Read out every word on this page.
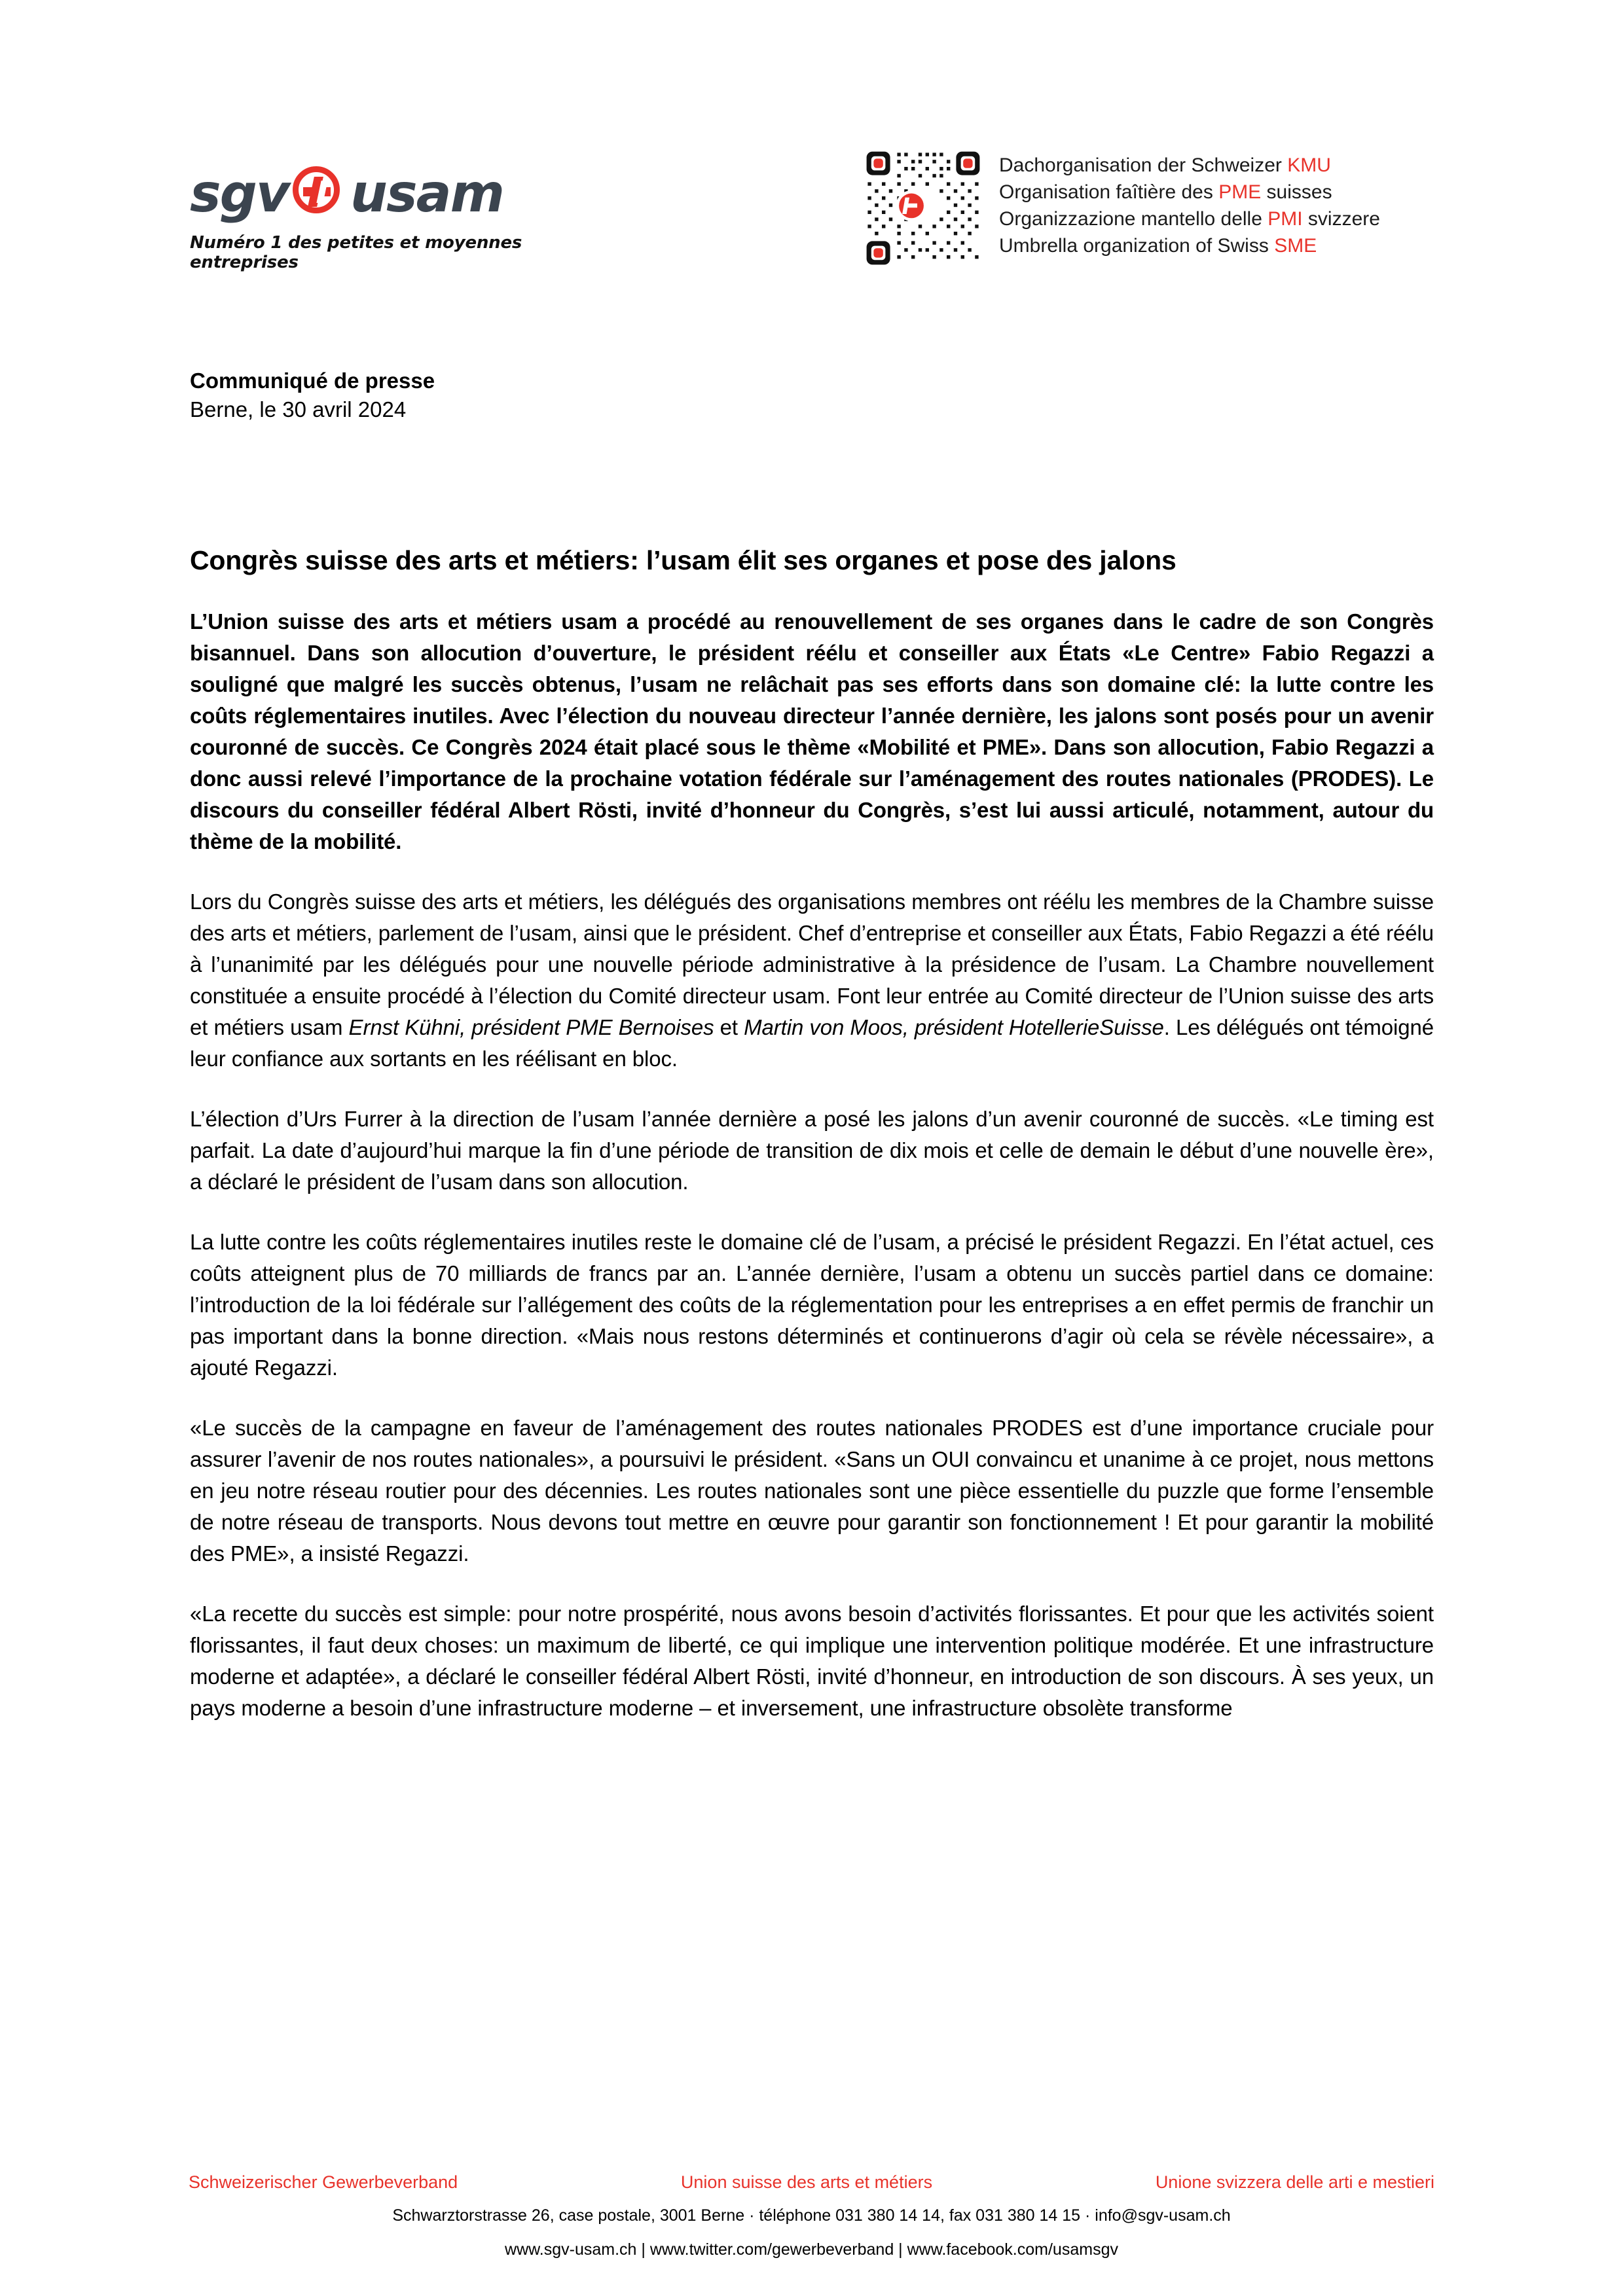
sgv usam
Numéro 1 des petites et moyennes entreprises
Dachorganisation der Schweizer KMU
Organisation faîtière des PME suisses
Organizzazione mantello delle PMI svizzere
Umbrella organization of Swiss SME
Communiqué de presse
Berne, le 30 avril 2024
Congrès suisse des arts et métiers: l’usam élit ses organes et pose des jalons

L’Union suisse des arts et métiers usam a procédé au renouvellement de ses organes dans le cadre de son Congrès bisannuel. Dans son allocution d’ouverture, le président réélu et conseiller aux États «Le Centre» Fabio Regazzi a souligné que malgré les succès obtenus, l’usam ne relâchait pas ses efforts dans son domaine clé: la lutte contre les coûts réglementaires inutiles. Avec l’élection du nouveau directeur l’année dernière, les jalons sont posés pour un avenir couronné de succès. Ce Congrès 2024 était placé sous le thème «Mobilité et PME». Dans son allocution, Fabio Regazzi a donc aussi relevé l’importance de la prochaine votation fédérale sur l’aménagement des routes nationales (PRODES). Le discours du conseiller fédéral Albert Rösti, invité d’honneur du Congrès, s’est lui aussi articulé, notamment, autour du thème de la mobilité.

Lors du Congrès suisse des arts et métiers, les délégués des organisations membres ont réélu les membres de la Chambre suisse des arts et métiers, parlement de l’usam, ainsi que le président. Chef d’entreprise et conseiller aux États, Fabio Regazzi a été réélu à l’unanimité par les délégués pour une nouvelle période administrative à la présidence de l’usam. La Chambre nouvellement constituée a ensuite procédé à l’élection du Comité directeur usam. Font leur entrée au Comité directeur de l’Union suisse des arts et métiers usam Ernst Kühni, président PME Bernoises et Martin von Moos, président HotellerieSuisse. Les délégués ont témoigné leur confiance aux sortants en les réélisant en bloc.

L’élection d’Urs Furrer à la direction de l’usam l’année dernière a posé les jalons d’un avenir couronné de succès. «Le timing est parfait. La date d’aujourd’hui marque la fin d’une période de transition de dix mois et celle de demain le début d’une nouvelle ère», a déclaré le président de l’usam dans son allocution.

La lutte contre les coûts réglementaires inutiles reste le domaine clé de l’usam, a précisé le président Regazzi. En l’état actuel, ces coûts atteignent plus de 70 milliards de francs par an. L’année dernière, l’usam a obtenu un succès partiel dans ce domaine: l’introduction de la loi fédérale sur l’allégement des coûts de la réglementation pour les entreprises a en effet permis de franchir un pas important dans la bonne direction. «Mais nous restons déterminés et continuerons d’agir où cela se révèle nécessaire», a ajouté Regazzi.

«Le succès de la campagne en faveur de l’aménagement des routes nationales PRODES est d’une importance cruciale pour assurer l’avenir de nos routes nationales», a poursuivi le président. «Sans un OUI convaincu et unanime à ce projet, nous mettons en jeu notre réseau routier pour des décennies. Les routes nationales sont une pièce essentielle du puzzle que forme l’ensemble de notre réseau de transports. Nous devons tout mettre en œuvre pour garantir son fonctionnement ! Et pour garantir la mobilité des PME», a insisté Regazzi.

«La recette du succès est simple: pour notre prospérité, nous avons besoin d’activités florissantes. Et pour que les activités soient florissantes, il faut deux choses: un maximum de liberté, ce qui implique une intervention politique modérée. Et une infrastructure moderne et adaptée», a déclaré le conseiller fédéral Albert Rösti, invité d’honneur, en introduction de son discours. À ses yeux, un pays moderne a besoin d’une infrastructure moderne – et inversement, une infrastructure obsolète transforme

Schweizerischer Gewerbeverband	Union suisse des arts et métiers	Unione svizzera delle arti e mestieri
Schwarztorstrasse 26, case postale, 3001 Berne · téléphone 031 380 14 14, fax 031 380 14 15 · info@sgv-usam.ch
www.sgv-usam.ch | www.twitter.com/gewerbeverband | www.facebook.com/usamsgv
